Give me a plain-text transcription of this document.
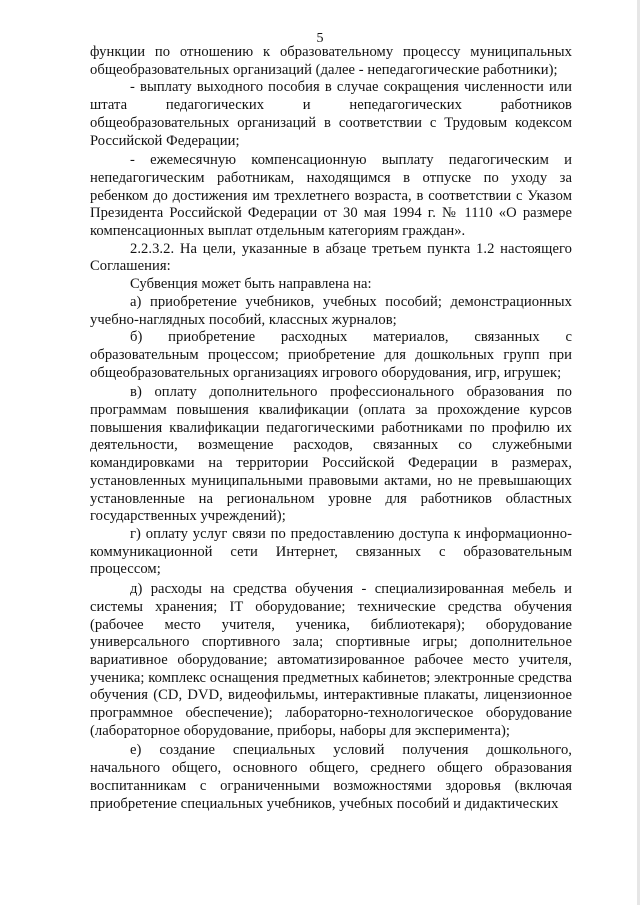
5

функции по отношению к образовательному процессу муниципальных общеобразовательных организаций (далее - непедагогические работники);

- выплату выходного пособия в случае сокращения численности или штата педагогических и непедагогических работников общеобразовательных организаций в соответствии с Трудовым кодексом Российской Федерации;

- ежемесячную компенсационную выплату педагогическим и непедагогическим работникам, находящимся в отпуске по уходу за ребенком до достижения им трехлетнего возраста, в соответствии с Указом Президента Российской Федерации от 30 мая 1994 г. № 1110 «О размере компенсационных выплат отдельным категориям граждан».

2.2.3.2. На цели, указанные в абзаце третьем пункта 1.2 настоящего Соглашения:

Субвенция может быть направлена на:

а) приобретение учебников, учебных пособий; демонстрационных учебно-наглядных пособий, классных журналов;

б) приобретение расходных материалов, связанных с образовательным процессом; приобретение для дошкольных групп при общеобразовательных организациях игрового оборудования, игр, игрушек;

в) оплату дополнительного профессионального образования по программам повышения квалификации (оплата за прохождение курсов повышения квалификации педагогическими работниками по профилю их деятельности, возмещение расходов, связанных со служебными командировками на территории Российской Федерации в размерах, установленных муниципальными правовыми актами, но не превышающих установленные на региональном уровне для работников областных государственных учреждений);

г) оплату услуг связи по предоставлению доступа к информационно-коммуникационной сети Интернет, связанных с образовательным процессом;

д) расходы на средства обучения - специализированная мебель и системы хранения; IT оборудование; технические средства обучения (рабочее место учителя, ученика, библиотекаря); оборудование универсального спортивного зала; спортивные игры; дополнительное вариативное оборудование; автоматизированное рабочее место учителя, ученика; комплекс оснащения предметных кабинетов; электронные средства обучения (CD, DVD, видеофильмы, интерактивные плакаты, лицензионное программное обеспечение); лабораторно-технологическое оборудование (лабораторное оборудование, приборы, наборы для эксперимента);

е) создание специальных условий получения дошкольного, начального общего, основного общего, среднего общего образования воспитанникам с ограниченными возможностями здоровья (включая приобретение специальных учебников, учебных пособий и дидактических
